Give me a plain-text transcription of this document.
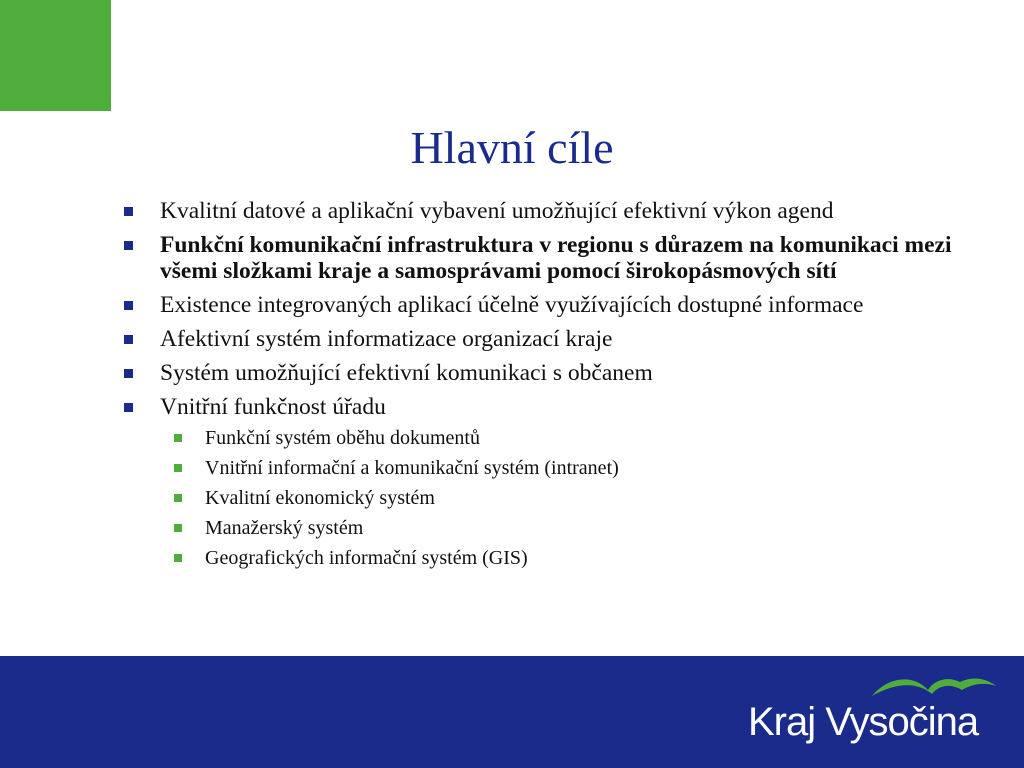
Hlavní cíle
Kvalitní datové a aplikační vybavení umožňující efektivní výkon agend
Funkční komunikační infrastruktura v regionu s důrazem na komunikaci mezi všemi složkami kraje a samosprávami pomocí širokopásmových sítí
Existence integrovaných aplikací účelně využívajících dostupné informace
Afektivní systém informatizace organizací kraje
Systém umožňující efektivní komunikaci s občanem
Vnitřní funkčnost úřadu
Funkční systém oběhu dokumentů
Vnitřní informační a komunikační systém (intranet)
Kvalitní ekonomický systém
Manažerský systém
Geografických informační systém (GIS)
Kraj Vysočina
